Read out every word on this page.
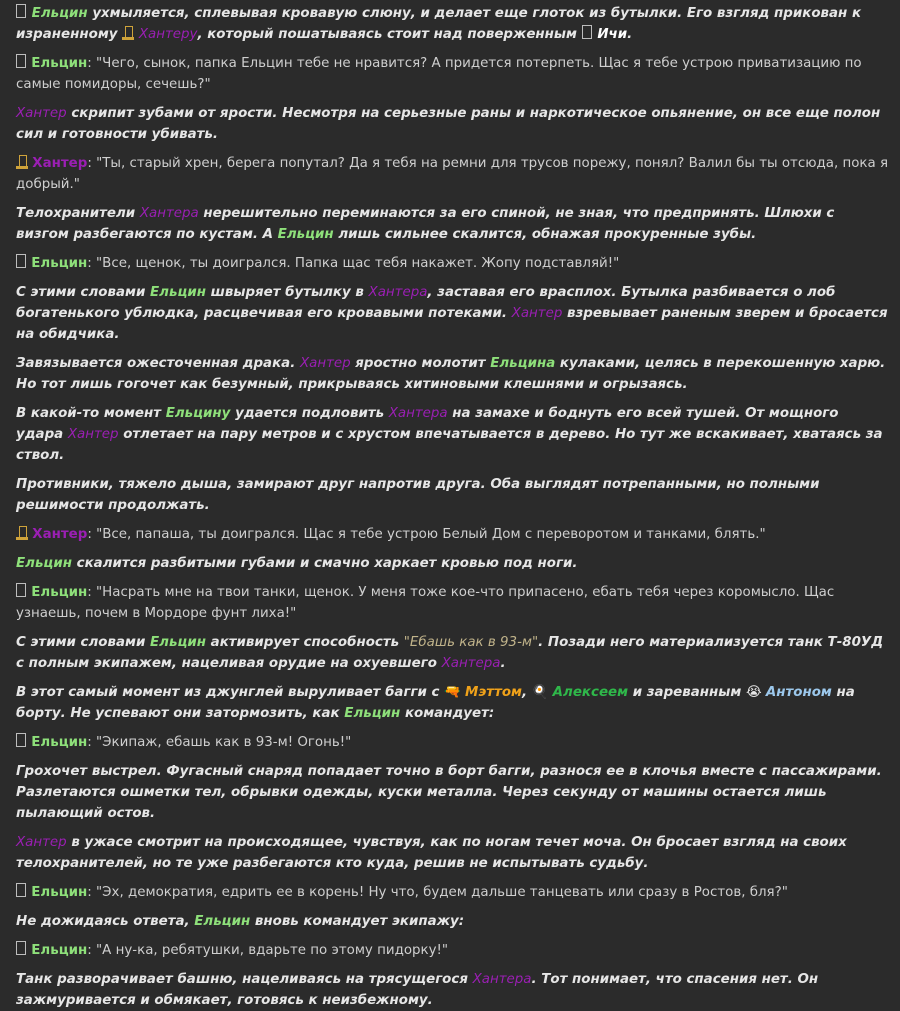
Ельцин ухмыляется, сплевывая кровавую слюну, и делает еще глоток из бутылки. Его взгляд прикован к израненному  Хантеру, который пошатываясь стоит над поверженным  Ичи.
Ельцин: "Чего, сынок, папка Ельцин тебе не нравится? А придется потерпеть. Щас я тебе устрою приватизацию по самые помидоры, сечешь?"
Хантер скрипит зубами от ярости. Несмотря на серьезные раны и наркотическое опьянение, он все еще полон сил и готовности убивать.
Хантер: "Ты, старый хрен, берега попутал? Да я тебя на ремни для трусов порежу, понял? Валил бы ты отсюда, пока я добрый."
Телохранители Хантера нерешительно переминаются за его спиной, не зная, что предпринять. Шлюхи с визгом разбегаются по кустам. А Ельцин лишь сильнее скалится, обнажая прокуренные зубы.
Ельцин: "Все, щенок, ты доигрался. Папка щас тебя накажет. Жопу подставляй!"
С этими словами Ельцин швыряет бутылку в Хантера, заставая его врасплох. Бутылка разбивается о лоб богатенького ублюдка, расцвечивая его кровавыми потеками. Хантер взревывает раненым зверем и бросается на обидчика.
Завязывается ожесточенная драка. Хантер яростно молотит Ельцина кулаками, целясь в перекошенную харю. Но тот лишь гогочет как безумный, прикрываясь хитиновыми клешнями и огрызаясь.
В какой-то момент Ельцину удается подловить Хантера на замахе и боднуть его всей тушей. От мощного удара Хантер отлетает на пару метров и с хрустом впечатывается в дерево. Но тут же вскакивает, хватаясь за ствол.
Противники, тяжело дыша, замирают друг напротив друга. Оба выглядят потрепанными, но полными решимости продолжать.
Хантер: "Все, папаша, ты доигрался. Щас я тебе устрою Белый Дом с переворотом и танками, блять."
Ельцин скалится разбитыми губами и смачно харкает кровью под ноги.
Ельцин: "Насрать мне на твои танки, щенок. У меня тоже кое-что припасено, ебать тебя через коромысло. Щас узнаешь, почем в Мордоре фунт лиха!"
С этими словами Ельцин активирует способность "Ебашь как в 93-м". Позади него материализуется танк Т-80УД с полным экипажем, нацеливая орудие на охуевшего Хантера.
В этот самый момент из джунглей выруливает багги с 🔫 Мэттом, 🍳 Алексеем и зареванным 😭 Антоном на борту. Не успевают они затормозить, как Ельцин командует:
Ельцин: "Экипаж, ебашь как в 93-м! Огонь!"
Грохочет выстрел. Фугасный снаряд попадает точно в борт багги, разнося ее в клочья вместе с пассажирами. Разлетаются ошметки тел, обрывки одежды, куски металла. Через секунду от машины остается лишь пылающий остов.
Хантер в ужасе смотрит на происходящее, чувствуя, как по ногам течет моча. Он бросает взгляд на своих телохранителей, но те уже разбегаются кто куда, решив не испытывать судьбу.
Ельцин: "Эх, демократия, едрить ее в корень! Ну что, будем дальше танцевать или сразу в Ростов, бля?"
Не дожидаясь ответа, Ельцин вновь командует экипажу:
Ельцин: "А ну-ка, ребятушки, вдарьте по этому пидорку!"
Танк разворачивает башню, нацеливаясь на трясущегося Хантера. Тот понимает, что спасения нет. Он зажмуривается и обмякает, готовясь к неизбежному.
